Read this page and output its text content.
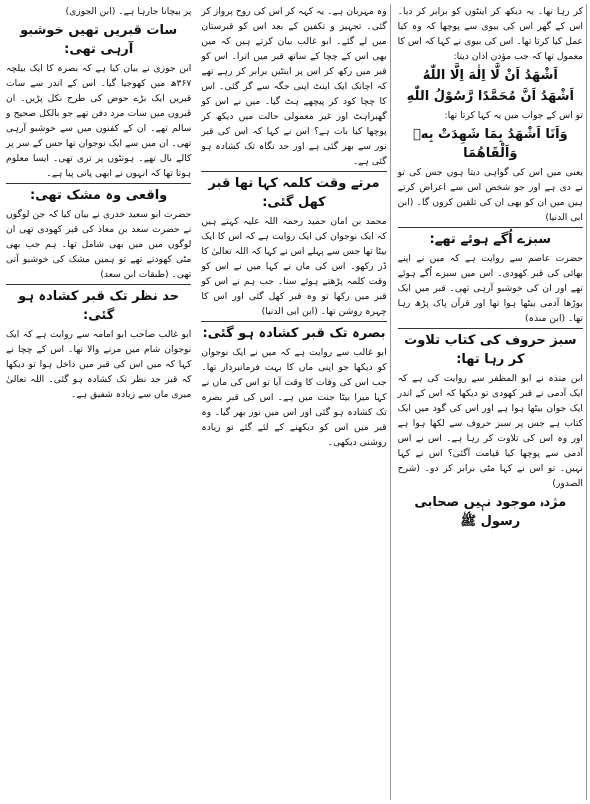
پر بیچانا جارہا ہے۔ (ابن الجوزی)

سات قبریں تھیں خوشبو آرہی تھی:

ابن جوزی نے بیان کیا ہے کہ بصرہ کا ایک بیلچہ ۳۶۷ھ میں کھوجیا گیا۔ اس کے اندر سے سات قبریں ایک بڑے حوض کی طرح نکل پڑیں۔ ان قبروں میں سات مرد دفن تھے جو بالکل صحیح و سالم تھے۔ ان کے کفنوں میں سے خوشبو آرہی تھی۔ ان میں سے ایک نوجوان تھا جس کے سر پر کالے بال تھے۔ ہونٹوں پر تری تھی۔ ایسا معلوم ہوتا تھا کہ انہوں نے ابھی پانی پیا ہے۔

واقعی وہ مشک تھی:

حضرت ابو سعید خدری نے بیان کیا کہ جن لوگوں نے حضرت سعد بن معاذ کی قبر کھودی تھی ان لوگوں میں میں بھی شامل تھا۔ ہم جب بھی مٹی کھودتے تھے تو ہمیں مشک کی خوشبو آتی تھی۔ (طبقات ابن سعد)

حد نظر تک قبر کشادہ ہو گئی:

ابو غالب صاحب ابو امامہ سے روایت ہے کہ ایک نوجوان شام میں مرنے والا تھا۔ اس کے چچا نے کہا کہ میں اس کی قبر میں داخل ہوا تو دیکھا کہ قبر حد نظر تک کشادہ ہو گئی۔ اللہ تعالیٰ میری ماں سے زیادہ شفیق ہے۔

وہ مہربان ہے۔ یہ کہہ کر اس کی روح پرواز کر گئی۔ تجہیز و تکفین کے بعد اس کو قبرستان میں لے گئے۔ ابو غالب بیان کرتے ہیں کہ میں بھی اس کے چچا کے ساتھ قبر میں اترا۔ اس کو قبر میں رکھ کر اس پر اینٹیں برابر کر رہے تھے کہ اچانک ایک اینٹ اپنی جگہ سے گر گئی۔ اس کا چچا کود کر پیچھے ہٹ گیا۔ میں نے اس کو گھبراہٹ اور غیر معمولی حالت میں دیکھ کر پوچھا کیا بات ہے؟ اس نے کہا کہ اس کی قبر نور سے بھر گئی ہے اور حد نگاہ تک کشادہ ہو گئی ہے۔

مرتے وقت کلمہ کہا تھا قبر کھل گئی:

محمد بن امان حمید رحمہ اللہ علیہ کہتے ہیں کہ ایک نوجوان کی ایک روایت ہے کہ اس کا ایک بیٹا تھا جس سے پہلے اس نے کہا کہ اللہ تعالیٰ کا ڈر رکھو۔ اس کی ماں نے کہا میں نے اس کو وقت کلمہ پڑھتے ہوئے سنا۔ جب ہم نے اس کو قبر میں رکھا تو وہ قبر کھل گئی اور اس کا چہرہ روشن تھا۔ (ابن ابی الدنیا)

بصرہ تک قبر کشادہ ہو گئی:

ابو غالب سے روایت ہے کہ میں نے ایک نوجوان کو دیکھا جو اپنی ماں کا بہت فرمانبردار تھا۔ جب اس کی وفات کا وقت آیا تو اس کی ماں نے کہا میرا بیٹا جنت میں ہے۔ اس کی قبر بصرہ تک کشادہ ہو گئی اور اس میں نور بھر گیا۔ وہ قبر میں اس کو دیکھنے کے لئے گئے تو زیادہ روشنی دیکھی۔

کر رہا تھا۔ یہ دیکھ کر اینٹوں کو برابر کر دیا۔ اس کے گھر اس کی بیوی سے پوچھا کہ وہ کیا عمل کیا کرتا تھا۔ اس کی بیوی نے کہا کہ اس کا معمول تھا کہ جب مؤذن اذان دیتا:

اَشْهَدُ اَنْ لَّا اِلٰهَ اِلَّا اللّٰهُ
اَشْهَدُ اَنَّ مُحَمَّدًا رَّسُوْلُ اللّٰهِ

تو اس کے جواب میں یہ کہا کرتا تھا:

وَاَنَا اَشْهَدُ بِمَا شَهِدَتْ بِهٖ وَاَلْقَاهُمَا

یعنی میں اس کی گواہی دیتا ہوں جس کی تو نے دی ہے اور جو شخص اس سے اعراض کرتے ہیں میں ان کو بھی ان کی تلقین کروں گا۔ (ابن ابی الدنیا)

سبزے اُگے ہوئے تھے:

حضرت عاصم سے روایت ہے کہ میں نے اپنے بھائی کی قبر کھودی۔ اس میں سبزے اُگے ہوئے تھے اور ان کی خوشبو آرہی تھی۔ قبر میں ایک بوڑھا آدمی بیٹھا ہوا تھا اور قرآن پاک پڑھ رہا تھا۔ (ابن منذہ)

سبز حروف کی کتاب تلاوت کر رہا تھا:

ابن منذہ نے ابو المظفر سے روایت کی ہے کہ ایک آدمی نے قبر کھودی تو دیکھا کہ اس کے اندر ایک جوان بیٹھا ہوا ہے اور اس کی گود میں ایک کتاب ہے جس پر سبز حروف سے لکھا ہوا ہے اور وہ اس کی تلاوت کر رہا ہے۔ اس نے اس آدمی سے پوچھا کیا قیامت آگئی؟ اس نے کہا نہیں۔ تو اس نے کہا مٹی برابر کر دو۔ (شرح الصدور)

مژدہ موجود نہیں صحابی رسول ﷺ
